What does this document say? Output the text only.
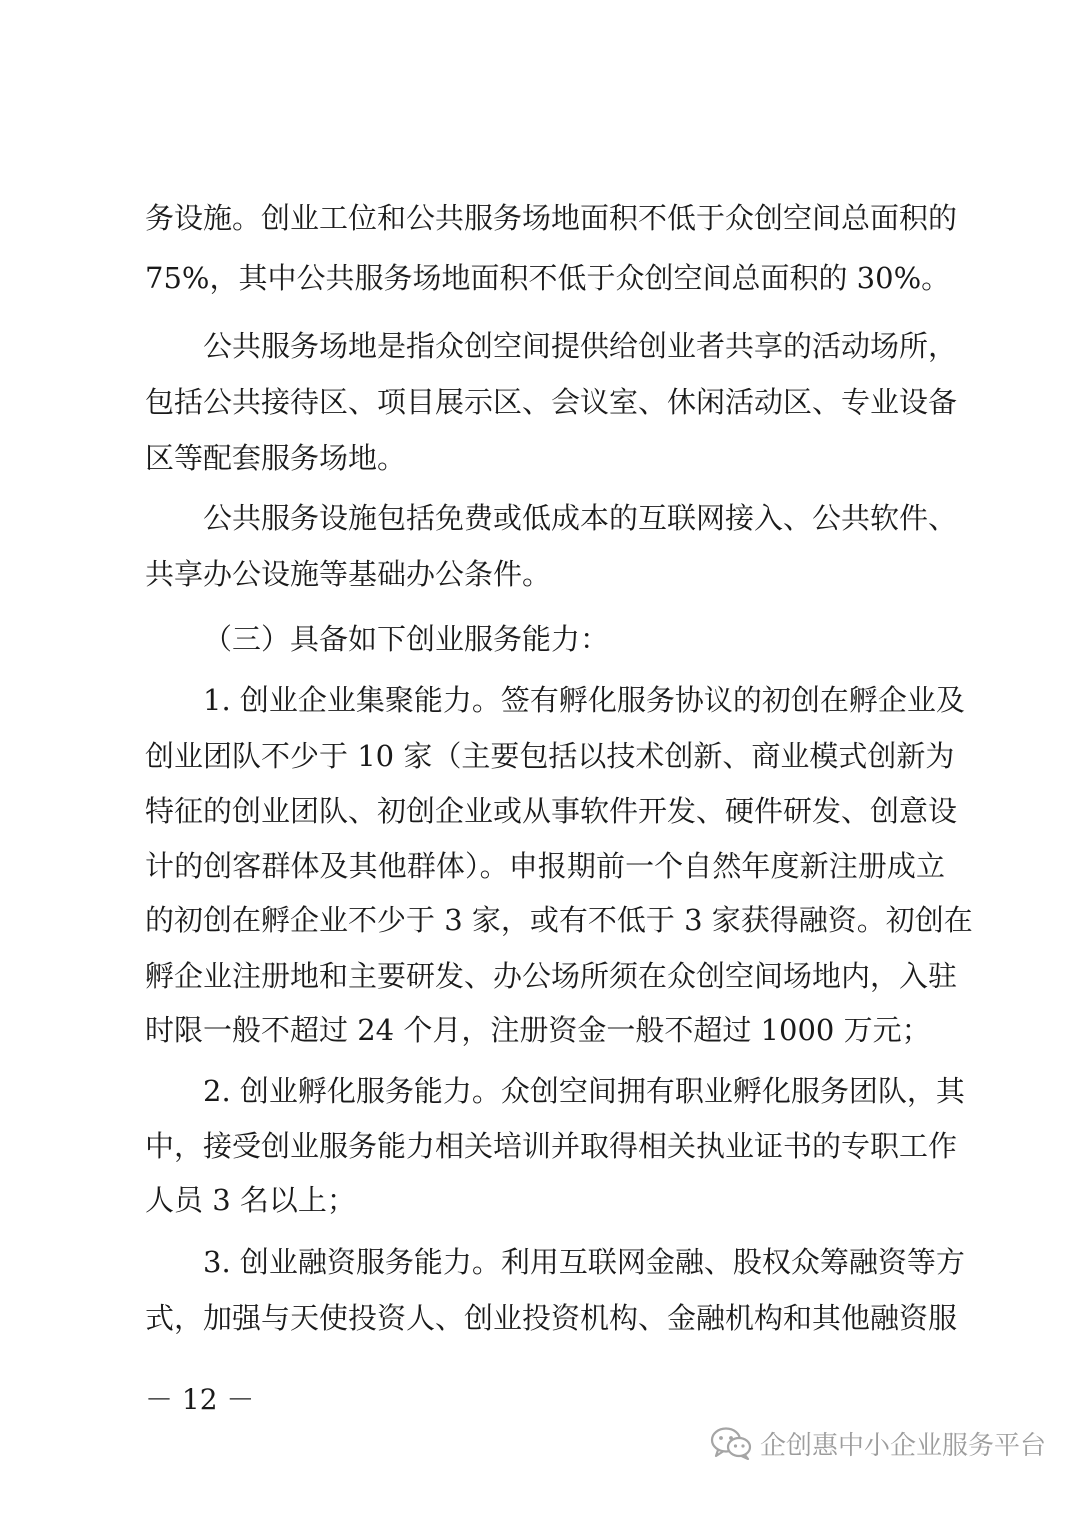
务设施。创业工位和公共服务场地面积不低于众创空间总面积的
75%，其中公共服务场地面积不低于众创空间总面积的 30%。
公共服务场地是指众创空间提供给创业者共享的活动场所，
包括公共接待区、项目展示区、会议室、休闲活动区、专业设备
区等配套服务场地。
公共服务设施包括免费或低成本的互联网接入、公共软件、
共享办公设施等基础办公条件。
（三）具备如下创业服务能力：
1. 创业企业集聚能力。签有孵化服务协议的初创在孵企业及
创业团队不少于 10 家（主要包括以技术创新、商业模式创新为
特征的创业团队、初创企业或从事软件开发、硬件研发、创意设
计的创客群体及其他群体）。申报期前一个自然年度新注册成立
的初创在孵企业不少于 3 家，或有不低于 3 家获得融资。初创在
孵企业注册地和主要研发、办公场所须在众创空间场地内，入驻
时限一般不超过 24 个月，注册资金一般不超过 1000 万元；
2. 创业孵化服务能力。众创空间拥有职业孵化服务团队，其
中，接受创业服务能力相关培训并取得相关执业证书的专职工作
人员 3 名以上；
3. 创业融资服务能力。利用互联网金融、股权众筹融资等方
式，加强与天使投资人、创业投资机构、金融机构和其他融资服
－ 12 －
企创惠中小企业服务平台
